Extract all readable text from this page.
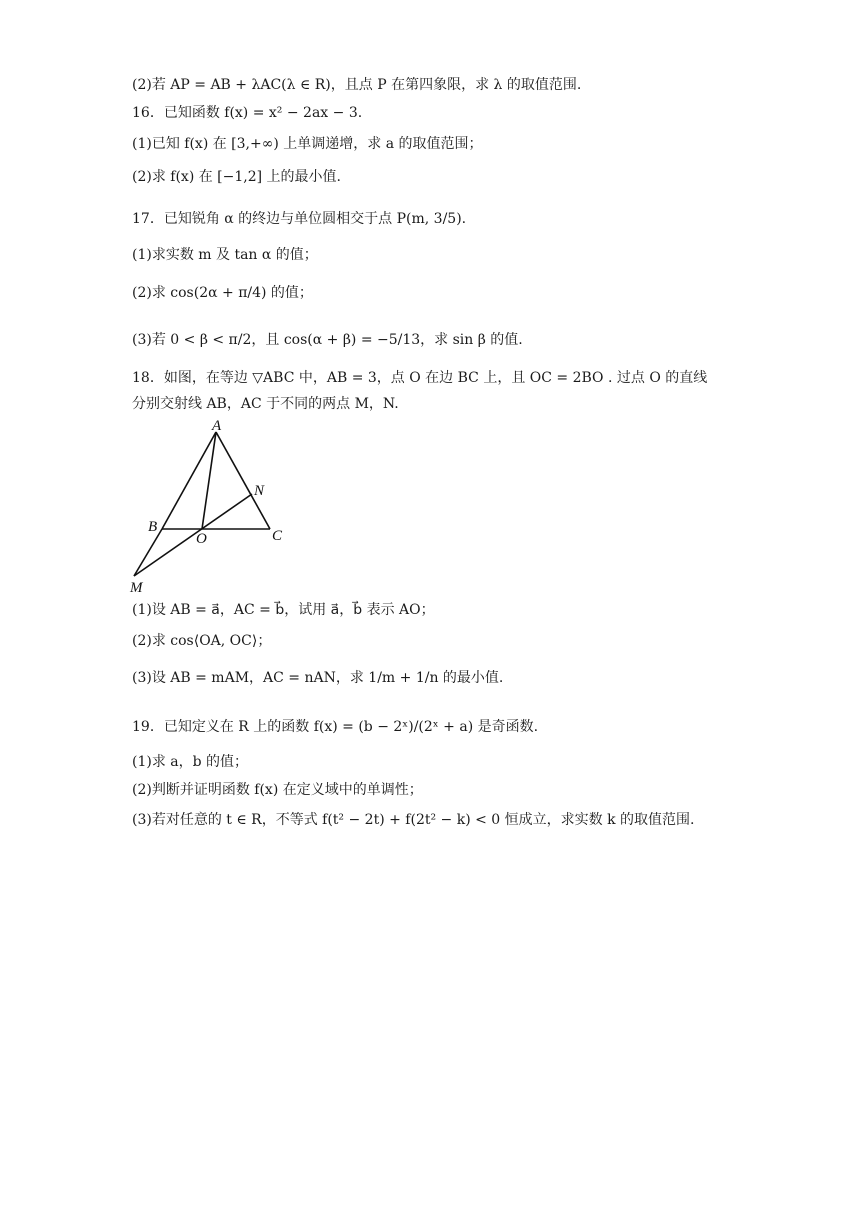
(2)若 AP = AB + λAC(λ ∈ R)，且点 P 在第四象限，求 λ 的取值范围.
16．已知函数 f(x) = x² − 2ax − 3.
(1)已知 f(x) 在 [3,+∞) 上单调递增，求 a 的取值范围；
(2)求 f(x) 在 [−1,2] 上的最小值.
17．已知锐角 α 的终边与单位圆相交于点 P(m, 3/5).
(1)求实数 m 及 tan α 的值；
(2)求 cos(2α + π/4) 的值；
(3)若 0 < β < π/2，且 cos(α + β) = −5/13，求 sin β 的值.
18．如图，在等边 ▽ABC 中，AB = 3，点 O 在边 BC 上，且 OC = 2BO . 过点 O 的直线
分别交射线 AB，AC 于不同的两点 M，N.
A
B
C
O
N
M
(1)设 AB = a⃗，AC = b⃗，试用 a⃗，b⃗ 表示 AO；
(2)求 cos⟨OA, OC⟩；
(3)设 AB = mAM，AC = nAN，求 1/m + 1/n 的最小值.
19．已知定义在 R 上的函数 f(x) = (b − 2ˣ)/(2ˣ + a) 是奇函数.
(1)求 a，b 的值；
(2)判断并证明函数 f(x) 在定义域中的单调性；
(3)若对任意的 t ∈ R，不等式 f(t² − 2t) + f(2t² − k) < 0 恒成立，求实数 k 的取值范围.
